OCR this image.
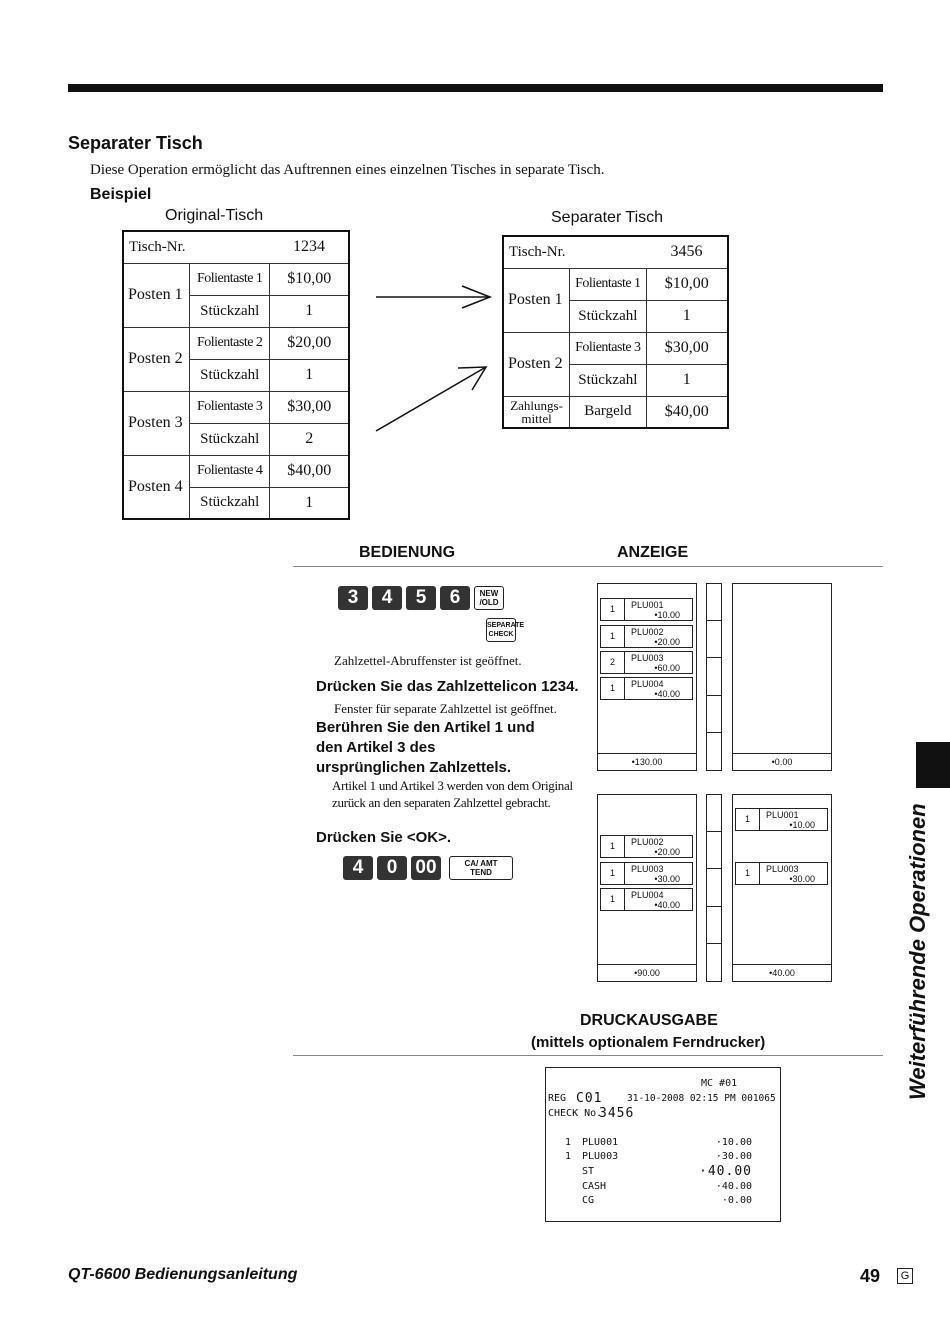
Separater Tisch
Diese Operation ermöglicht das Auftrennen eines einzelnen Tisches in separate Tisch.
Beispiel
Original-Tisch	Separater Tisch
Tisch-Nr.		1234
Posten 1	Folientaste 1	$10,00
	Stückzahl	1
Posten 2	Folientaste 2	$20,00
	Stückzahl	1
Posten 3	Folientaste 3	$30,00
	Stückzahl	2
Posten 4	Folientaste 4	$40,00
	Stückzahl	1
Tisch-Nr.		3456
Posten 1	Folientaste 1	$10,00
	Stückzahl	1
Posten 2	Folientaste 3	$30,00
	Stückzahl	1
Zahlungs-
mittel	Bargeld	$40,00
BEDIENUNG	ANZEIGE
3 4 5 6 NEW
/OLD
SEPARATE
CHECK
Zahlzettel-Abruffenster ist geöffnet.
Drücken Sie das Zahlzettelicon 1234.
Fenster für separate Zahlzettel ist geöffnet.
Berühren Sie den Artikel 1 und
den Artikel 3 des
ursprünglichen Zahlzettels.
Artikel 1 und Artikel 3 werden von dem Original
zurück an den separaten Zahlzettel gebracht.
Drücken Sie <OK>.
4 0 00	CA/ AMT
TEND
1	PLU001
•10.00
1	PLU002
•20.00
2	PLU003
•60.00
1	PLU004
•40.00
•130.00	•0.00
1	PLU002
•20.00
1	PLU003
•30.00
1	PLU004
•40.00
•90.00
1	PLU001
•10.00
1	PLU003
•30.00
•40.00
DRUCKAUSGABE
(mittels optionalem Ferndrucker)
MC #01
REG C01	31-10-2008 02:15 PM 001065
CHECK No.
3456
1 PLU001	·10.00
1 PLU003	·30.00
ST	·40.00
CASH	·40.00
CG	·0.00
Weiterführende Operationen
QT-6600 Bedienungsanleitung	49	G
